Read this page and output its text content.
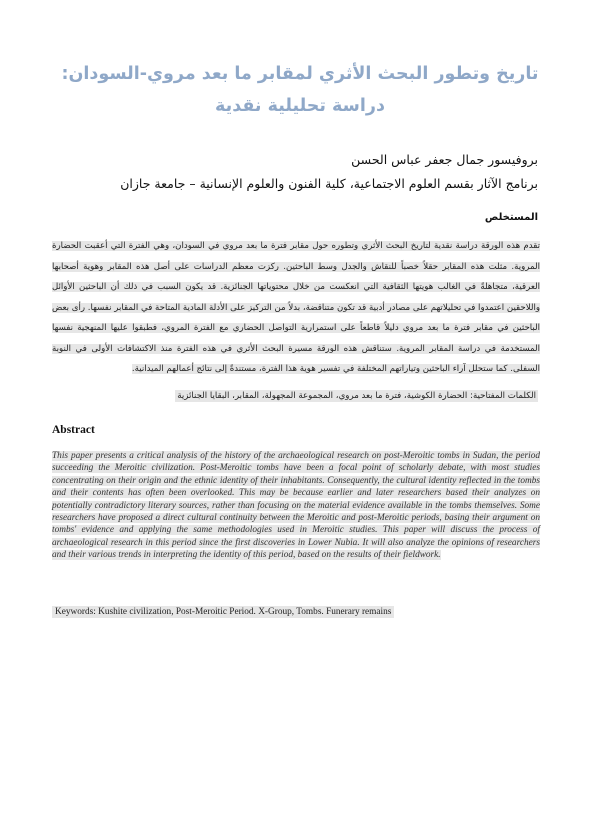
تاريخ وتطور البحث الأثري لمقابر ما بعد مروي-السودان:
دراسة تحليلية نقدية
بروفيسور جمال جعفر عباس الحسن
برنامج الآثار بقسم العلوم الاجتماعية، كلية الفنون والعلوم الإنسانية – جامعة جازان
المستخلص
تقدم هذه الورقة دراسة نقدية لتاريخ البحث الأثري وتطوره حول مقابر فترة ما بعد مروي في السودان، وهي الفترة التي أعقبت الحضارة المروية. مثلت هذه المقابر حقلاً خصباً للنقاش والجدل وسط الباحثين. ركزت معظم الدراسات على أصل هذه المقابر وهوية أصحابها العرقية، متجاهلةً في الغالب هويتها الثقافية التي انعكست من خلال محتوياتها الجنائزية. قد يكون السبب في ذلك أن الباحثين الأوائل واللاحقين اعتمدوا في تحليلاتهم على مصادر أدبية قد تكون متناقضة، بدلاً من التركيز على الأدلة المادية المتاحة في المقابر نفسها. رأى بعض الباحثين في مقابر فترة ما بعد مروي دليلاً قاطعاً على استمرارية التواصل الحضاري مع الفترة المروي، فطبقوا عليها المنهجية نفسها المستخدمة في دراسة المقابر المروية. ستناقش هذه الورقة مسيرة البحث الأثري في هذه الفترة منذ الاكتشافات الأولى في النوبة السفلى. كما ستحلل آراء الباحثين وتياراتهم المختلفة في تفسير هوية هذا الفترة، مستندةً إلى نتائج أعمالهم الميدانية.
الكلمات المفتاحية: الحضارة الكوشية، فترة ما بعد مروي، المجموعة المجهولة، المقابر، البقايا الجنائزية
Abstract
This paper presents a critical analysis of the history of the archaeological research on post-Meroitic tombs in Sudan, the period succeeding the Meroitic civilization. Post-Meroitic tombs have been a focal point of scholarly debate, with most studies concentrating on their origin and the ethnic identity of their inhabitants. Consequently, the cultural identity reflected in the tombs and their contents has often been overlooked. This may be because earlier and later researchers based their analyzes on potentially contradictory literary sources, rather than focusing on the material evidence available in the tombs themselves. Some researchers have proposed a direct cultural continuity between the Meroitic and post-Meroitic periods, basing their argument on tombs' evidence and applying the same methodologies used in Meroitic studies. This paper will discuss the process of archaeological research in this period since the first discoveries in Lower Nubia. It will also analyze the opinions of researchers and their various trends in interpreting the identity of this period, based on the results of their fieldwork.
Keywords: Kushite civilization, Post-Meroitic Period. X-Group, Tombs. Funerary remains
